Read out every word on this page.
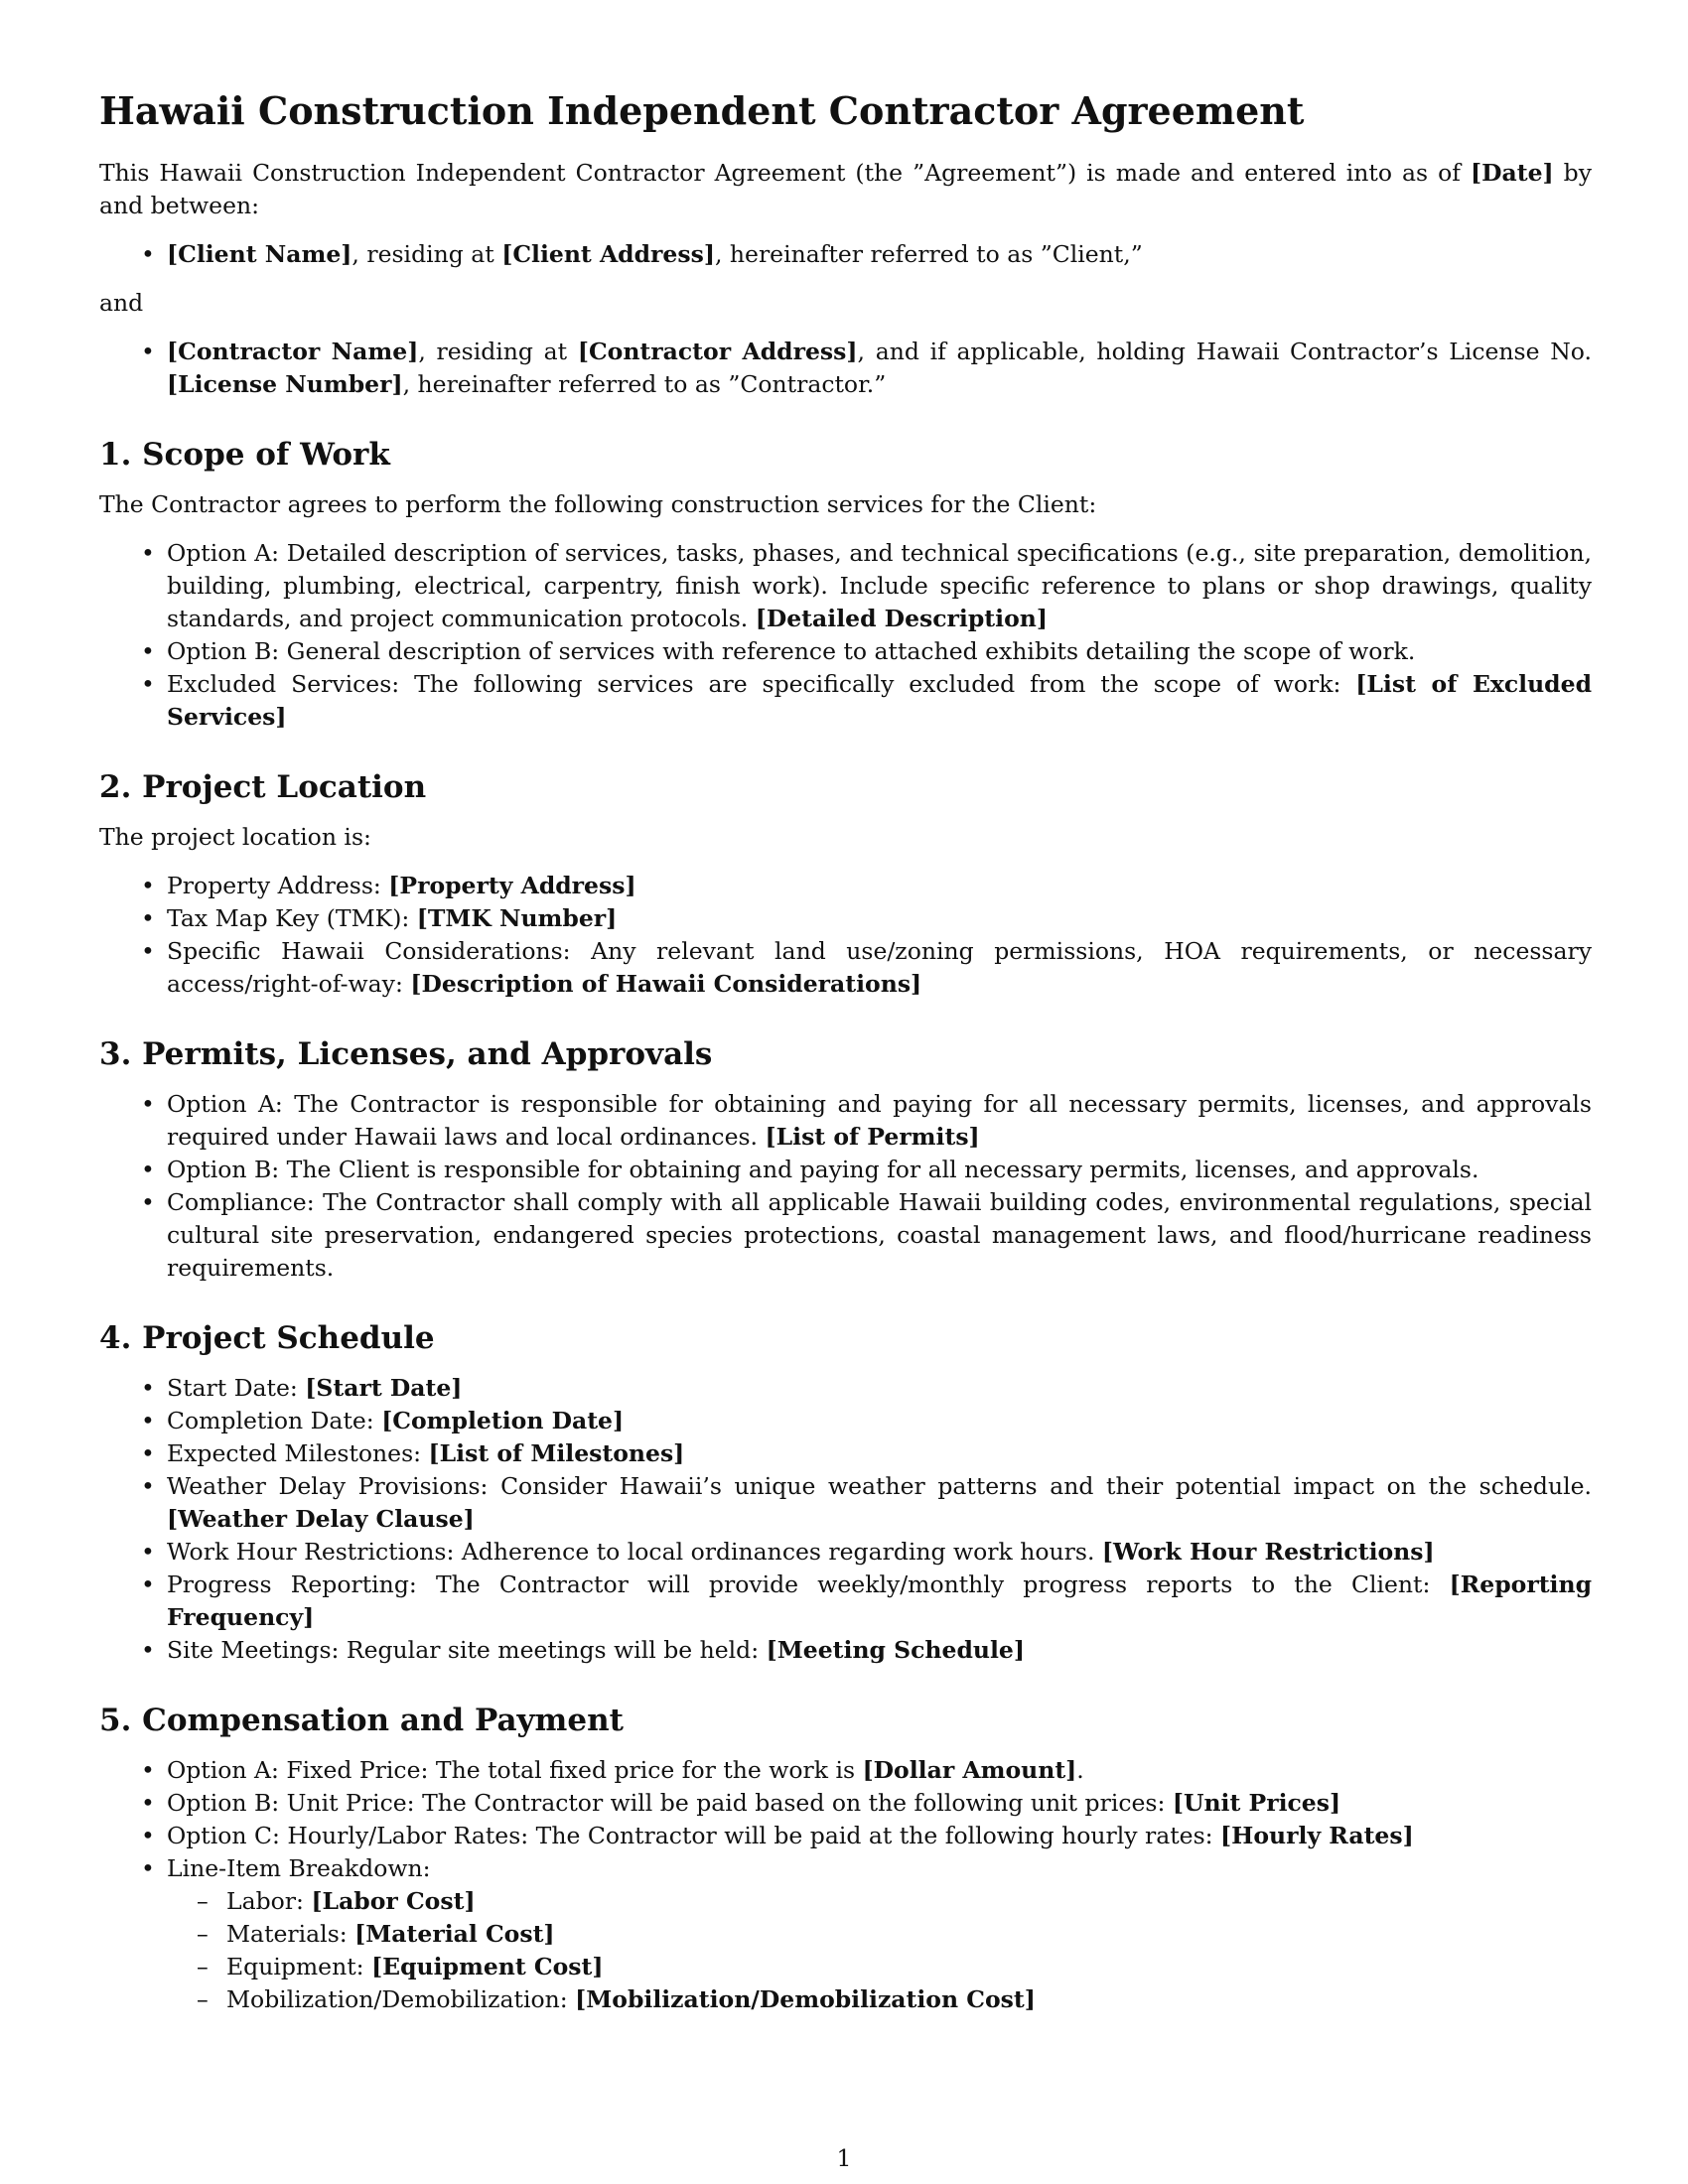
Hawaii Construction Independent Contractor Agreement

This Hawaii Construction Independent Contractor Agreement (the ”Agreement”) is made and entered into as of [Date] by and between:

• [Client Name], residing at [Client Address], hereinafter referred to as ”Client,”

and

• [Contractor Name], residing at [Contractor Address], and if applicable, holding Hawaii Contractor’s License No. [License Number], hereinafter referred to as ”Contractor.”
1. Scope of Work

The Contractor agrees to perform the following construction services for the Client:

• Option A: Detailed description of services, tasks, phases, and technical specifications (e.g., site preparation, demolition, building, plumbing, electrical, carpentry, finish work). Include specific reference to plans or shop drawings, quality standards, and project communication protocols. [Detailed Description]
• Option B: General description of services with reference to attached exhibits detailing the scope of work.
• Excluded Services: The following services are specifically excluded from the scope of work: [List of Excluded Services]
2. Project Location

The project location is:

• Property Address: [Property Address]
• Tax Map Key (TMK): [TMK Number]
• Specific Hawaii Considerations: Any relevant land use/zoning permissions, HOA requirements, or necessary access/right-of-way: [Description of Hawaii Considerations]
3. Permits, Licenses, and Approvals
• Option A: The Contractor is responsible for obtaining and paying for all necessary permits, licenses, and approvals required under Hawaii laws and local ordinances. [List of Permits]
• Option B: The Client is responsible for obtaining and paying for all necessary permits, licenses, and approvals.
• Compliance: The Contractor shall comply with all applicable Hawaii building codes, environmental regulations, special cultural site preservation, endangered species protections, coastal management laws, and flood/hurricane readiness requirements.
4. Project Schedule
• Start Date: [Start Date]
• Completion Date: [Completion Date]
• Expected Milestones: [List of Milestones]
• Weather Delay Provisions: Consider Hawaii’s unique weather patterns and their potential impact on the schedule. [Weather Delay Clause]
• Work Hour Restrictions: Adherence to local ordinances regarding work hours. [Work Hour Restrictions]
• Progress Reporting: The Contractor will provide weekly/monthly progress reports to the Client: [Reporting Frequency]
• Site Meetings: Regular site meetings will be held: [Meeting Schedule]
5. Compensation and Payment
• Option A: Fixed Price: The total fixed price for the work is [Dollar Amount].
• Option B: Unit Price: The Contractor will be paid based on the following unit prices: [Unit Prices]
• Option C: Hourly/Labor Rates: The Contractor will be paid at the following hourly rates: [Hourly Rates]
• Line-Item Breakdown:
– Labor: [Labor Cost]
– Materials: [Material Cost]
– Equipment: [Equipment Cost]
– Mobilization/Demobilization: [Mobilization/Demobilization Cost]
1
